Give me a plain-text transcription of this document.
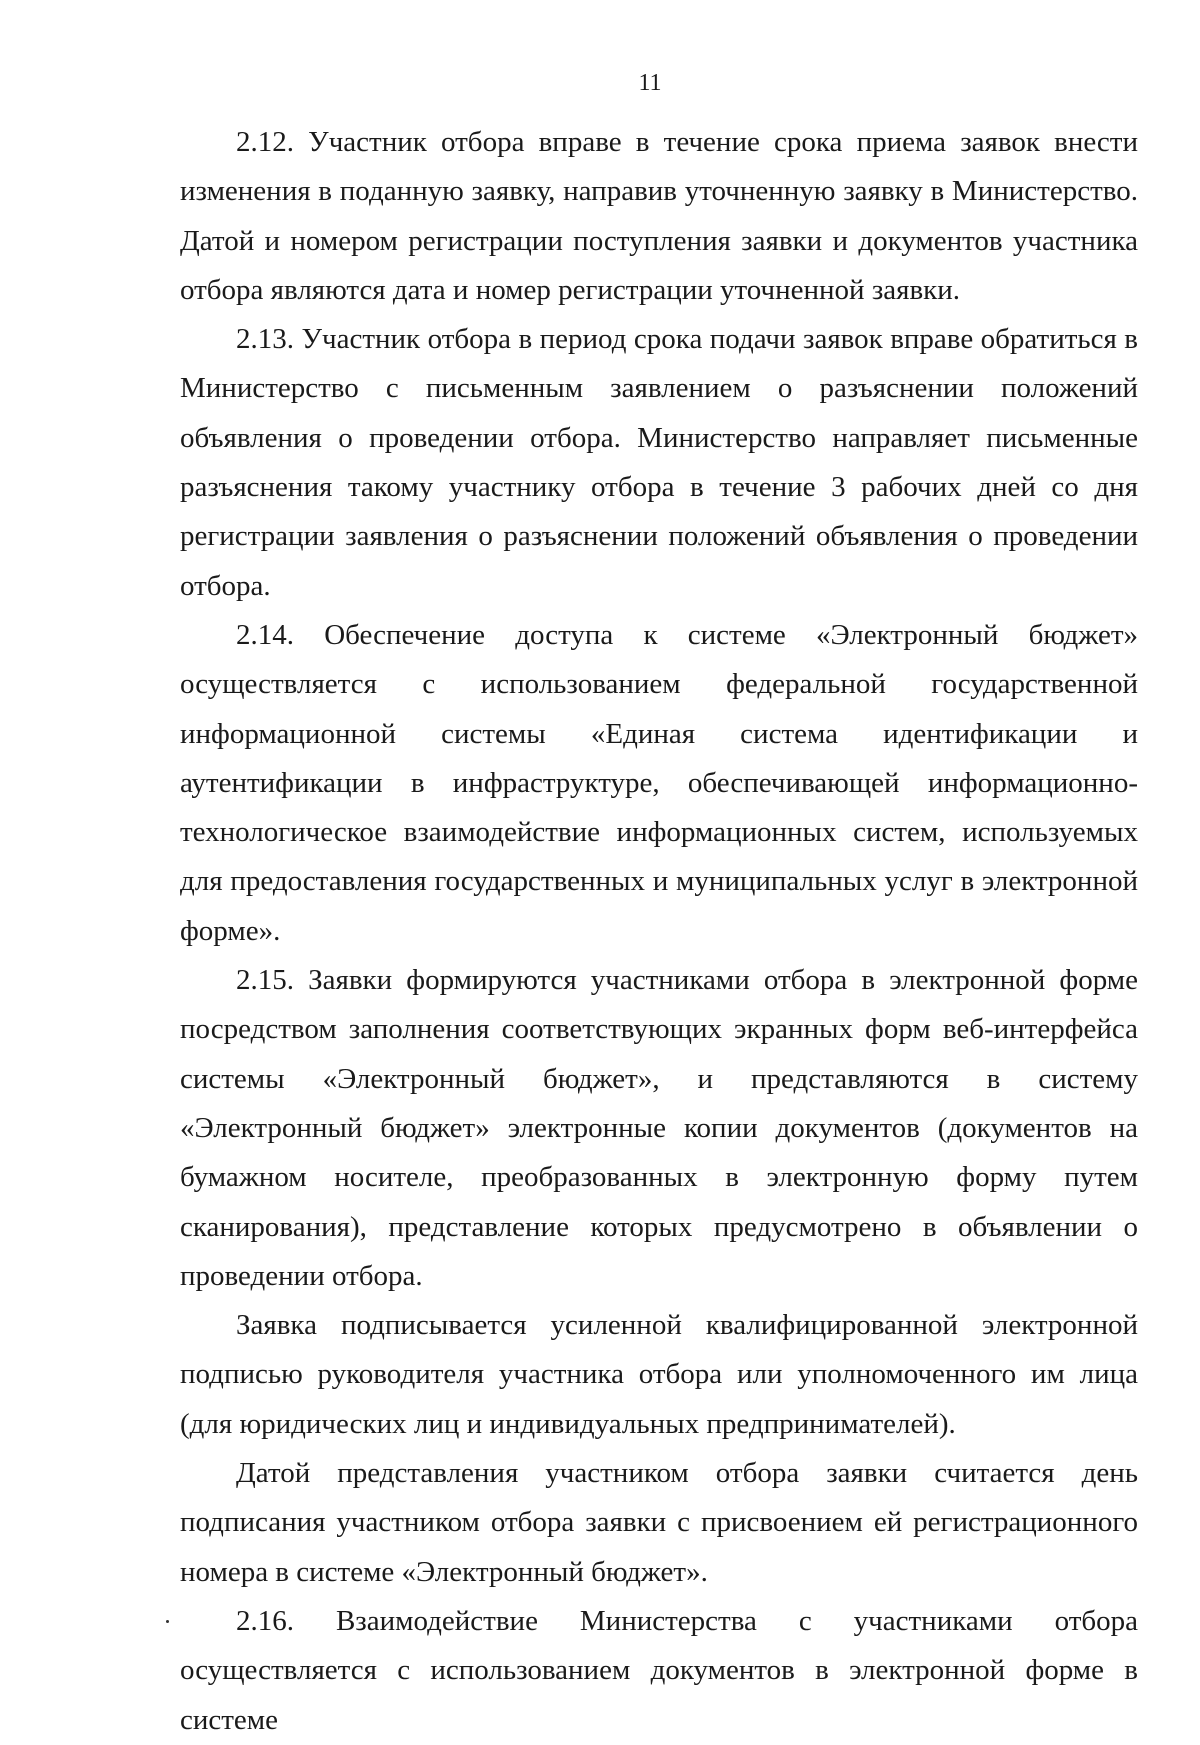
11

2.12. Участник отбора вправе в течение срока приема заявок внести изменения в поданную заявку, направив уточненную заявку в Министерство. Датой и номером регистрации поступления заявки и документов участника отбора являются дата и номер регистрации уточненной заявки.

2.13. Участник отбора в период срока подачи заявок вправе обратиться в Министерство с письменным заявлением о разъяснении положений объявления о проведении отбора. Министерство направляет письменные разъяснения такому участнику отбора в течение 3 рабочих дней со дня регистрации заявления о разъяснении положений объявления о проведении отбора.

2.14. Обеспечение доступа к системе «Электронный бюджет» осуществляется с использованием федеральной государственной информационной системы «Единая система идентификации и аутентификации в инфраструктуре, обеспечивающей информационно-технологическое взаимодействие информационных систем, используемых для предоставления государственных и муниципальных услуг в электронной форме».

2.15. Заявки формируются участниками отбора в электронной форме посредством заполнения соответствующих экранных форм веб-интерфейса системы «Электронный бюджет», и представляются в систему «Электронный бюджет» электронные копии документов (документов на бумажном носителе, преобразованных в электронную форму путем сканирования), представление которых предусмотрено в объявлении о проведении отбора.

Заявка подписывается усиленной квалифицированной электронной подписью руководителя участника отбора или уполномоченного им лица (для юридических лиц и индивидуальных предпринимателей).

Датой представления участником отбора заявки считается день подписания участником отбора заявки с присвоением ей регистрационного номера в системе «Электронный бюджет».

2.16. Взаимодействие Министерства с участниками отбора осуществляется с использованием документов в электронной форме в системе
